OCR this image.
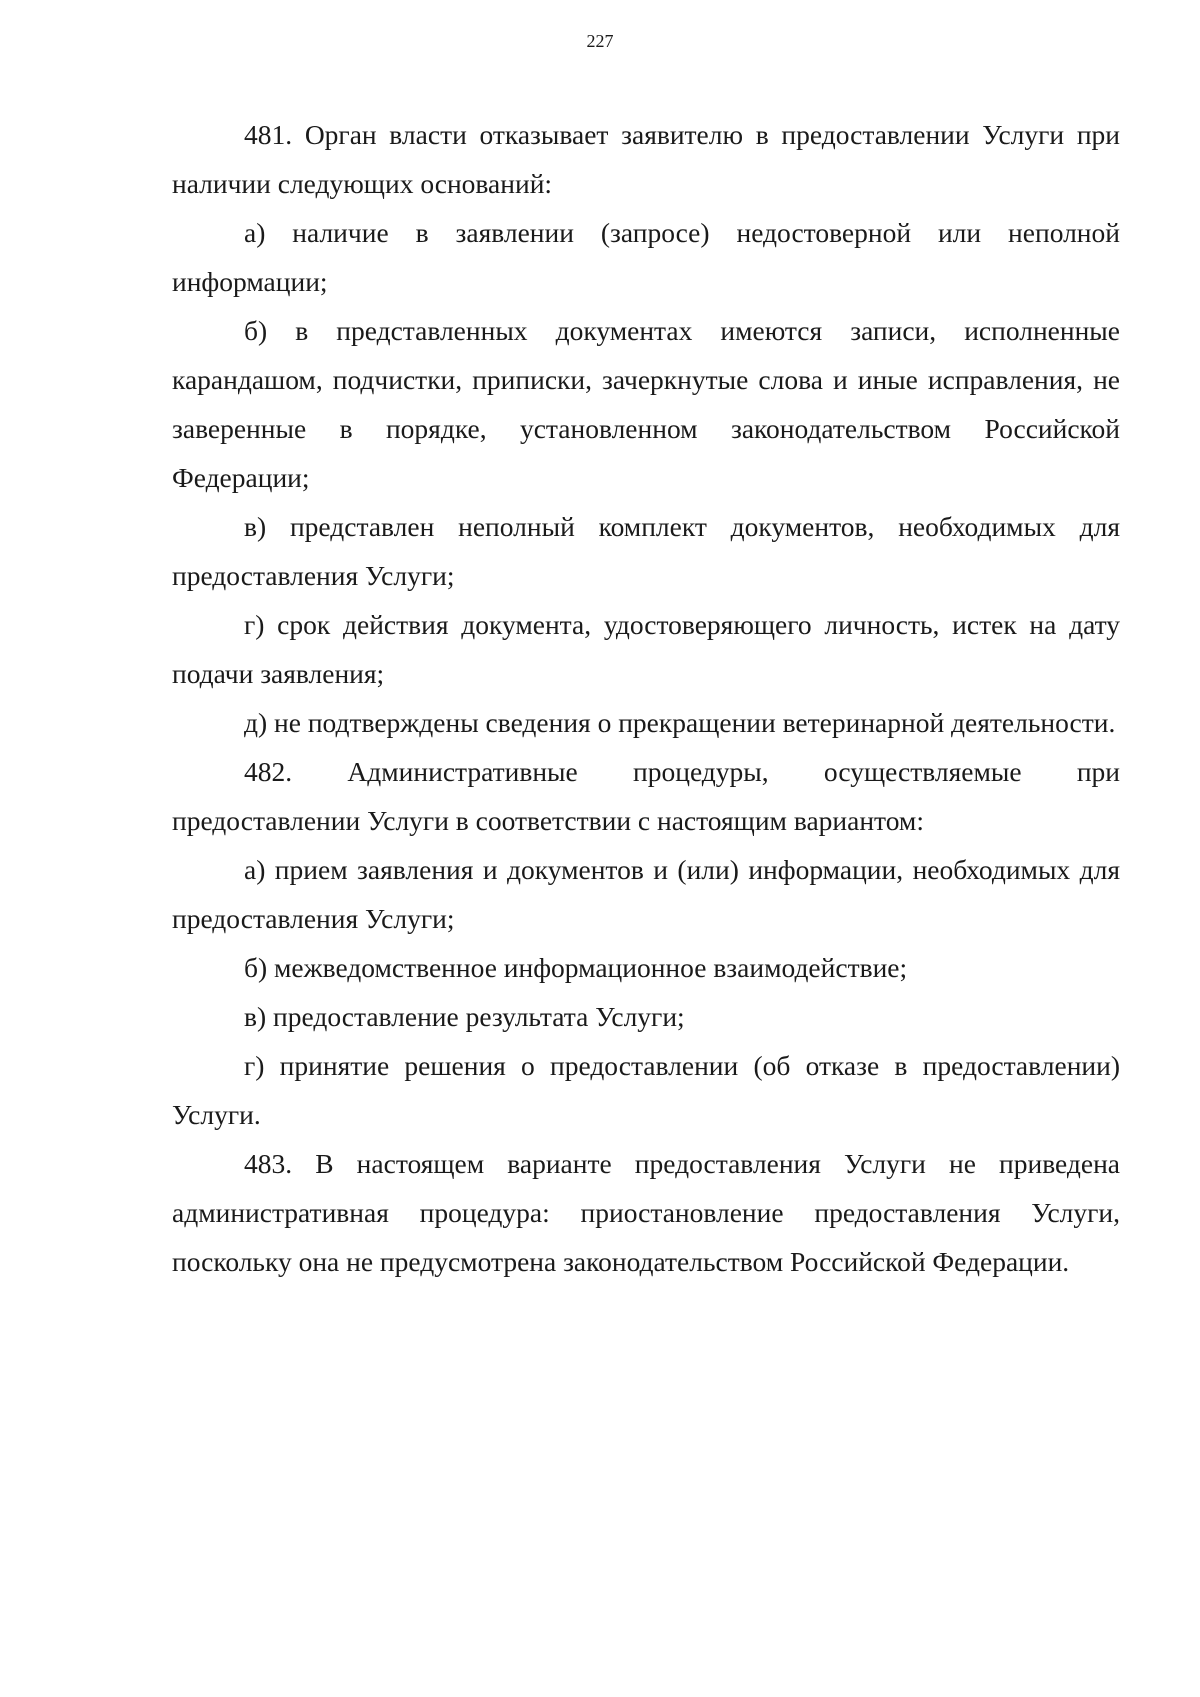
227

481. Орган власти отказывает заявителю в предоставлении Услуги при наличии следующих оснований:

а) наличие в заявлении (запросе) недостоверной или неполной информации;

б) в представленных документах имеются записи, исполненные карандашом, подчистки, приписки, зачеркнутые слова и иные исправления, не заверенные в порядке, установленном законодательством Российской Федерации;

в) представлен неполный комплект документов, необходимых для предоставления Услуги;

г) срок действия документа, удостоверяющего личность, истек на дату подачи заявления;

д) не подтверждены сведения о прекращении ветеринарной деятельности.

482. Административные процедуры, осуществляемые при предоставлении Услуги в соответствии с настоящим вариантом:

а) прием заявления и документов и (или) информации, необходимых для предоставления Услуги;

б) межведомственное информационное взаимодействие;

в) предоставление результата Услуги;

г) принятие решения о предоставлении (об отказе в предоставлении) Услуги.

483. В настоящем варианте предоставления Услуги не приведена административная процедура: приостановление предоставления Услуги, поскольку она не предусмотрена законодательством Российской Федерации.
